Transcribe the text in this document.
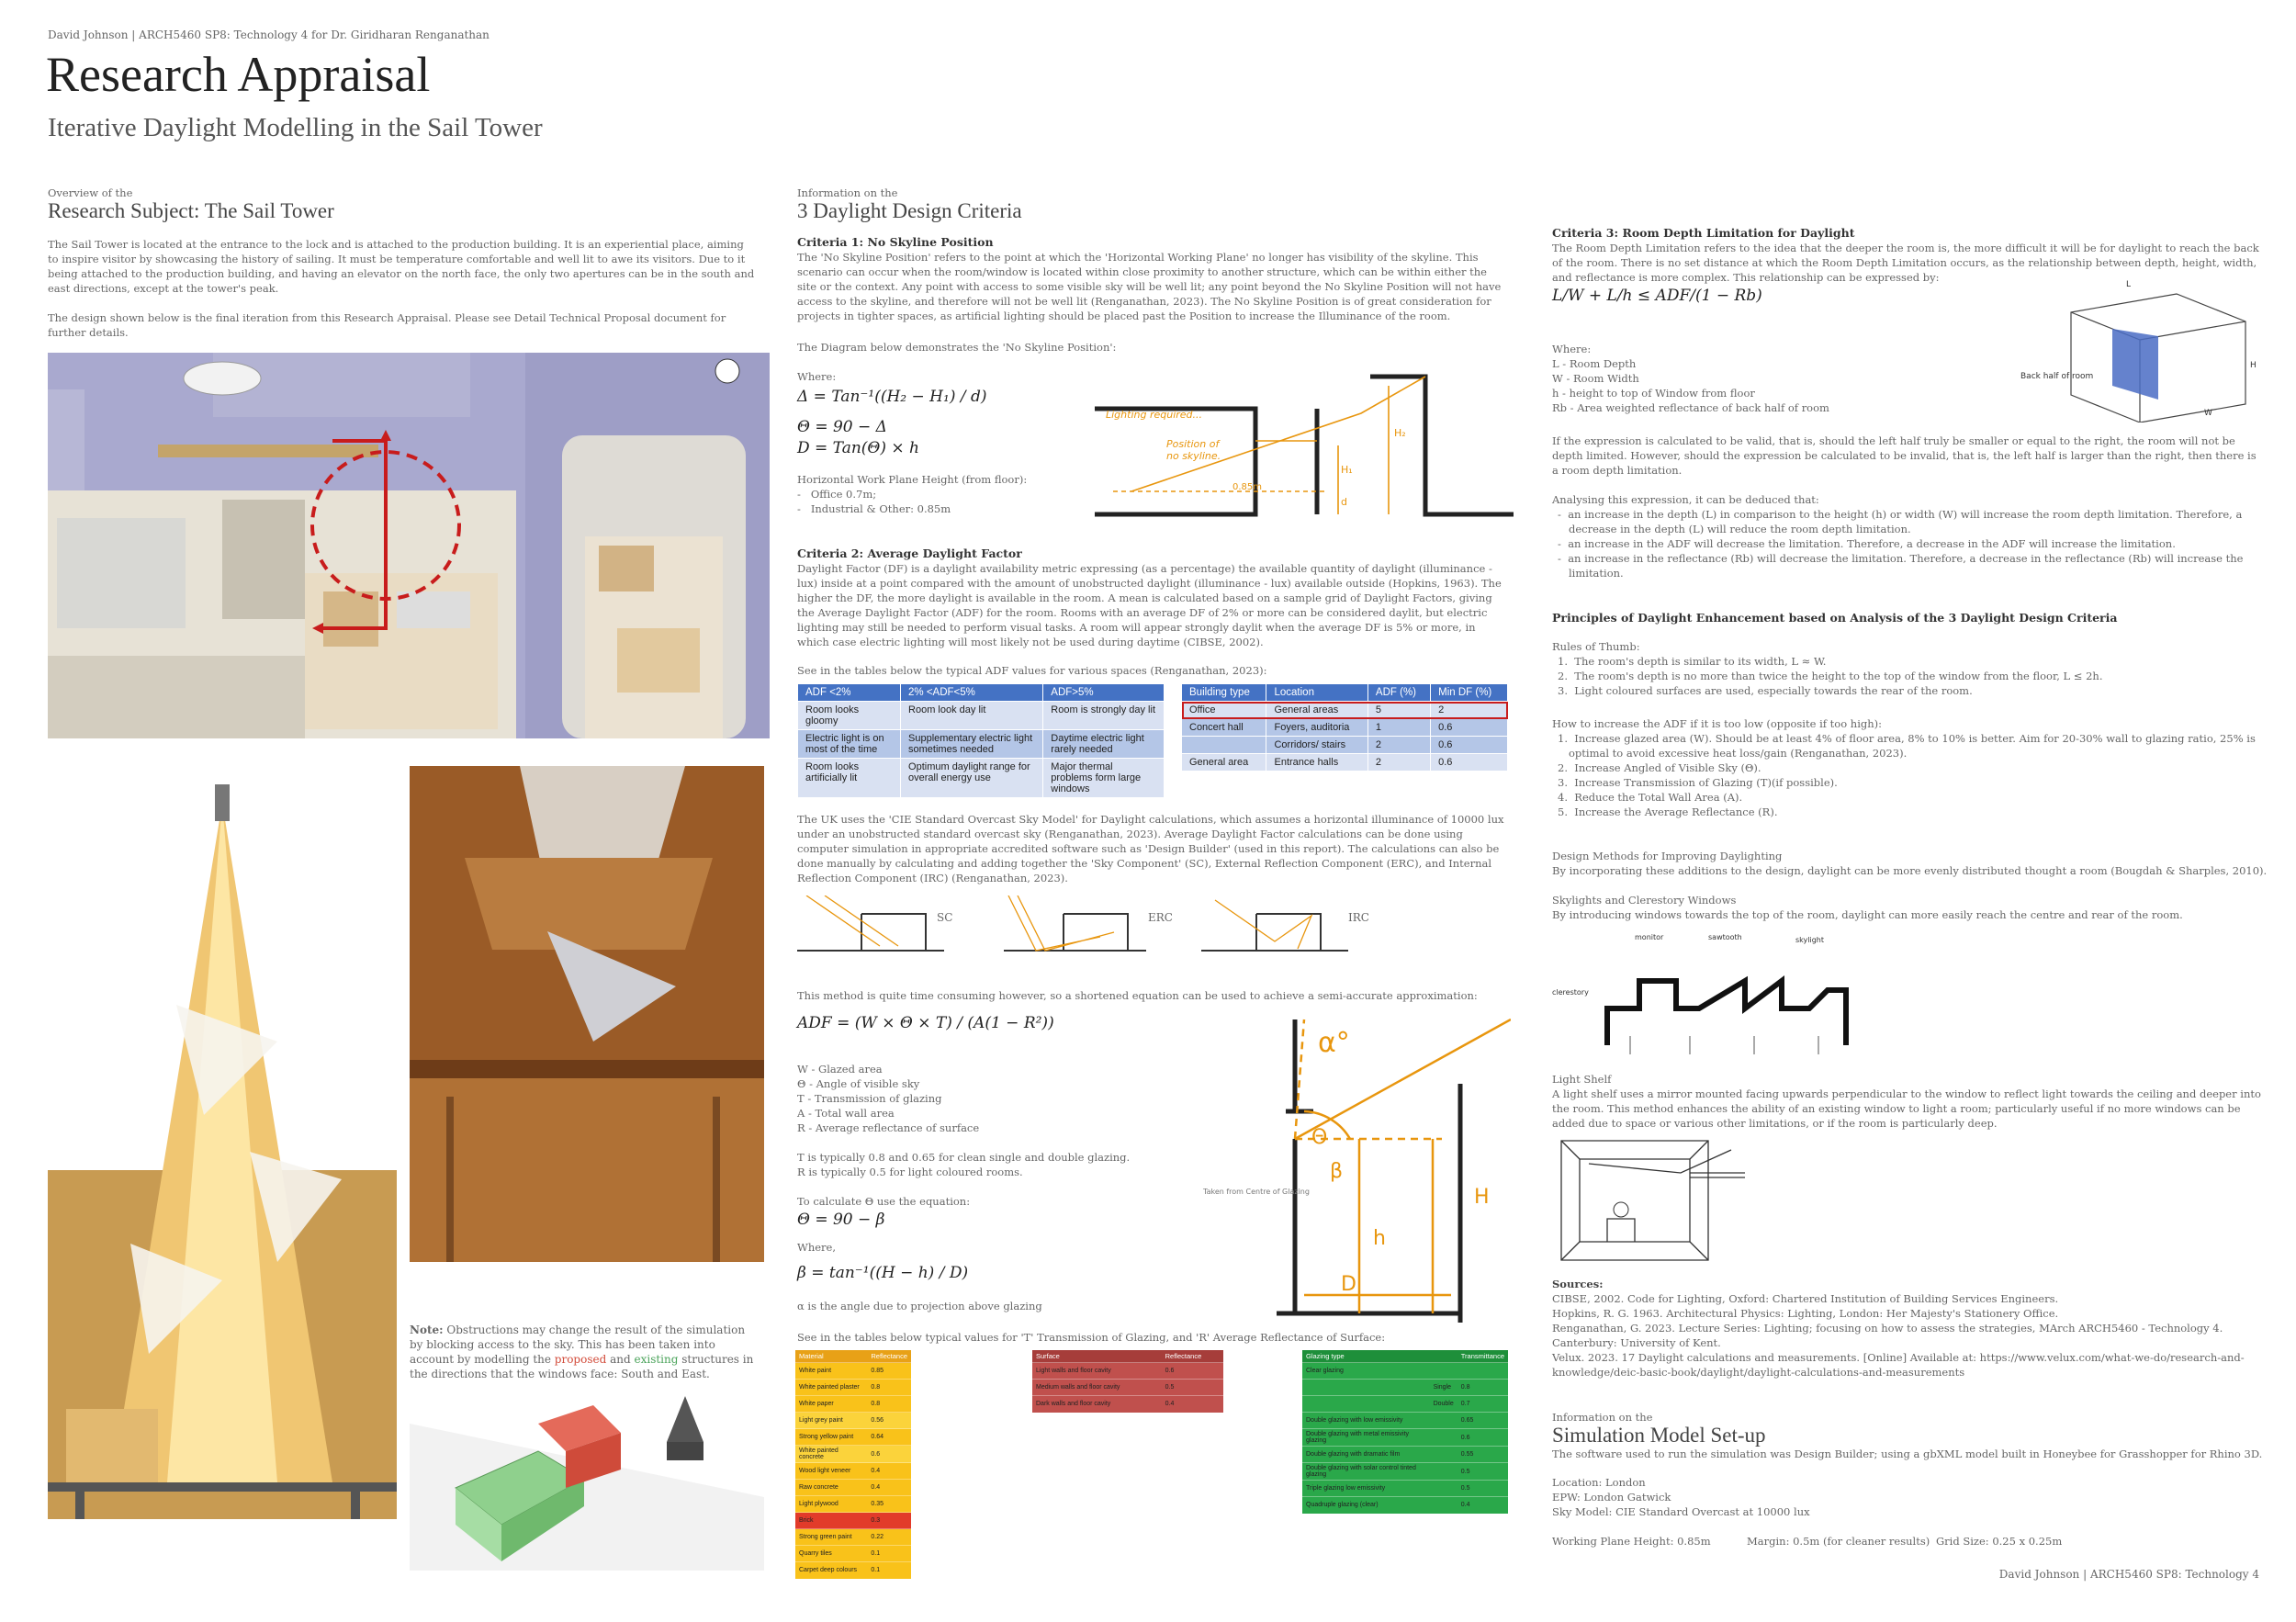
David Johnson | ARCH5460 SP8: Technology 4 for Dr. Giridharan Renganathan
Research Appraisal
Iterative Daylight Modelling in the Sail Tower
Overview of the
Research Subject: The Sail Tower
The Sail Tower is located at the entrance to the lock and is attached to the production building. It is an experiential place, aiming to inspire visitor by showcasing the history of sailing. It must be temperature comfortable and well lit to awe its visitors. Due to it being attached to the production building, and having an elevator on the north face, the only two apertures can be in the south and east directions, except at the tower's peak.
The design shown below is the final iteration from this Research Appraisal. Please see Detail Technical Proposal document for further details.
Note: Obstructions may change the result of the simulation by blocking access to the sky. This has been taken into account by modelling the proposed and existing structures in the directions that the windows face: South and East.
Information on the
3 Daylight Design Criteria
Criteria 1: No Skyline Position
The 'No Skyline Position' refers to the point at which the 'Horizontal Working Plane' no longer has visibility of the skyline. This scenario can occur when the room/window is located within close proximity to another structure, which can be within either the site or the context. Any point with access to some visible sky will be well lit; any point beyond the No Skyline Position will not have access to the skyline, and therefore will not be well lit (Renganathan, 2023). The No Skyline Position is of great consideration for projects in tighter spaces, as artificial lighting should be placed past the Position to increase the Illuminance of the room.
The Diagram below demonstrates the 'No Skyline Position':
Where:
Δ = Tan⁻¹((H₂ − H₁) / d)
Θ = 90 − Δ
D = Tan(Θ) × h
Horizontal Work Plane Height (from floor):
-   Office 0.7m;
-   Industrial & Other: 0.85m
Lighting required...
Position of
no skyline.
d
H₂
H₁
0.85m
Criteria 2: Average Daylight Factor
Daylight Factor (DF) is a daylight availability metric expressing (as a percentage) the available quantity of daylight (illuminance - lux) inside at a point compared with the amount of unobstructed daylight (illuminance - lux) available outside (Hopkins, 1963). The higher the DF, the more daylight is available in the room. A mean is calculated based on a sample grid of Daylight Factors, giving the Average Daylight Factor (ADF) for the room. Rooms with an average DF of 2% or more can be considered daylit, but electric lighting may still be needed to perform visual tasks. A room will appear strongly daylit when the average DF is 5% or more, in which case electric lighting will most likely not be used during daytime (CIBSE, 2002).
See in the tables below the typical ADF values for various spaces (Renganathan, 2023):
ADF <2%	2% <ADF<5%	ADF>5%
Room looks gloomy	Room look day lit	Room is strongly day lit
Electric light is on most of the time	Supplementary electric light sometimes needed	Daytime electric light rarely needed
Room looks artificially lit	Optimum daylight range for overall energy use	Major thermal problems form large windows
Building type	Location	ADF (%)	Min DF (%)
Office	General areas	5	2
Concert hall	Foyers, auditoria	1	0.6
	Corridors/ stairs	2	0.6
General area	Entrance halls	2	0.6
The UK uses the 'CIE Standard Overcast Sky Model' for Daylight calculations, which assumes a horizontal illuminance of 10000 lux under an unobstructed standard overcast sky (Renganathan, 2023). Average Daylight Factor calculations can be done using computer simulation in appropriate accredited software such as 'Design Builder' (used in this report). The calculations can also be done manually by calculating and adding together the 'Sky Component' (SC), External Reflection Component (ERC), and Internal Reflection Component (IRC) (Renganathan, 2023).
SC	ERC	IRC
This method is quite time consuming however, so a shortened equation can be used to achieve a semi-accurate approximation:
ADF = (W × Θ × T) / (A(1 − R²))
W - Glazed area
Θ - Angle of visible sky
T - Transmission of glazing
A - Total wall area
R - Average reflectance of surface
T is typically 0.8 and 0.65 for clean single and double glazing.
R is typically 0.5 for light coloured rooms.
To calculate Θ use the equation:
Θ = 90 − β
Where,
β = tan⁻¹((H − h) / D)
α is the angle due to projection above glazing
α°
Θ
β
H
h
D
Taken from Centre of Glazing
See in the tables below typical values for 'T' Transmission of Glazing, and 'R' Average Reflectance of Surface:
Material	Reflectance
White paint	0.85
White painted plaster	0.8
White paper	0.8
Light grey paint	0.56
Strong yellow paint	0.64
White painted concrete	0.6
Wood light veneer	0.4
Raw concrete	0.4
Light plywood	0.35
Brick	0.3
Strong green paint	0.22
Quarry tiles	0.1
Carpet deep colours	0.1
Surface	Reflectance
Light walls and floor cavity	0.6
Medium walls and floor cavity	0.5
Dark walls and floor cavity	0.4
Glazing type		Transmittance
Clear glazing		
	Single	0.8
	Double	0.7
Double glazing with low emissivity		0.65
Double glazing with metal emissivity glazing		0.6
Double glazing with dramatic film		0.55
Double glazing with solar control tinted glazing		0.5
Triple glazing low emissivity		0.5
Quadruple glazing (clear)		0.4
Criteria 3: Room Depth Limitation for Daylight
The Room Depth Limitation refers to the idea that the deeper the room is, the more difficult it will be for daylight to reach the back of the room. There is no set distance at which the Room Depth Limitation occurs, as the relationship between depth, height, width, and reflectance is more complex. This relationship can be expressed by:
L/W + L/h ≤ ADF/(1 − Rb)
Where:
L - Room Depth
W - Room Width
h - height to top of Window from floor
Rb - Area weighted reflectance of back half of room
Back half of room
L
W
H
If the expression is calculated to be valid, that is, should the left half truly be smaller or equal to the right, the room will not be depth limited. However, should the expression be calculated to be invalid, that is, the left half is larger than the right, then there is a room depth limitation.
Analysing this expression, it can be deduced that:
-  an increase in the depth (L) in comparison to the height (h) or width (W) will increase the room depth limitation. Therefore, a decrease in the depth (L) will reduce the room depth limitation.
-  an increase in the ADF will decrease the limitation. Therefore, a decrease in the ADF will increase the limitation.
-  an increase in the reflectance (Rb) will decrease the limitation. Therefore, a decrease in the reflectance (Rb) will increase the limitation.
Principles of Daylight Enhancement based on Analysis of the 3 Daylight Design Criteria
Rules of Thumb:
1.  The room's depth is similar to its width, L ≈ W.
2.  The room's depth is no more than twice the height to the top of the window from the floor, L ≤ 2h.
3.  Light coloured surfaces are used, especially towards the rear of the room.
How to increase the ADF if it is too low (opposite if too high):
1.  Increase glazed area (W). Should be at least 4% of floor area, 8% to 10% is better. Aim for 20-30% wall to glazing ratio, 25% is optimal to avoid excessive heat loss/gain (Renganathan, 2023).
2.  Increase Angled of Visible Sky (Θ).
3.  Increase Transmission of Glazing (T)(if possible).
4.  Reduce the Total Wall Area (A).
5.  Increase the Average Reflectance (R).
Design Methods for Improving Daylighting
By incorporating these additions to the design, daylight can be more evenly distributed thought a room (Bougdah & Sharples, 2010).
Skylights and Clerestory Windows
By introducing windows towards the top of the room, daylight can more easily reach the centre and rear of the room.
monitor	sawtooth	skylight
clerestory
Light Shelf
A light shelf uses a mirror mounted facing upwards perpendicular to the window to reflect light towards the ceiling and deeper into the room. This method enhances the ability of an existing window to light a room; particularly useful if no more windows can be added due to space or various other limitations, or if the room is particularly deep.
Sources:
CIBSE, 2002. Code for Lighting, Oxford: Chartered Institution of Building Services Engineers.
Hopkins, R. G. 1963. Architectural Physics: Lighting, London: Her Majesty's Stationery Office.
Renganathan, G. 2023. Lecture Series: Lighting; focusing on how to assess the strategies, MArch ARCH5460 - Technology 4. Canterbury: University of Kent.
Velux. 2023. 17 Daylight calculations and measurements. [Online] Available at: https://www.velux.com/what-we-do/research-and-knowledge/deic-basic-book/daylight/daylight-calculations-and-measurements
Information on the
Simulation Model Set-up
The software used to run the simulation was Design Builder; using a gbXML model built in Honeybee for Grasshopper for Rhino 3D.
Location: London
EPW: London Gatwick
Sky Model: CIE Standard Overcast at 10000 lux
Working Plane Height: 0.85m	Margin: 0.5m (for cleaner results) Grid Size: 0.25 x 0.25m
David Johnson | ARCH5460 SP8: Technology 4
